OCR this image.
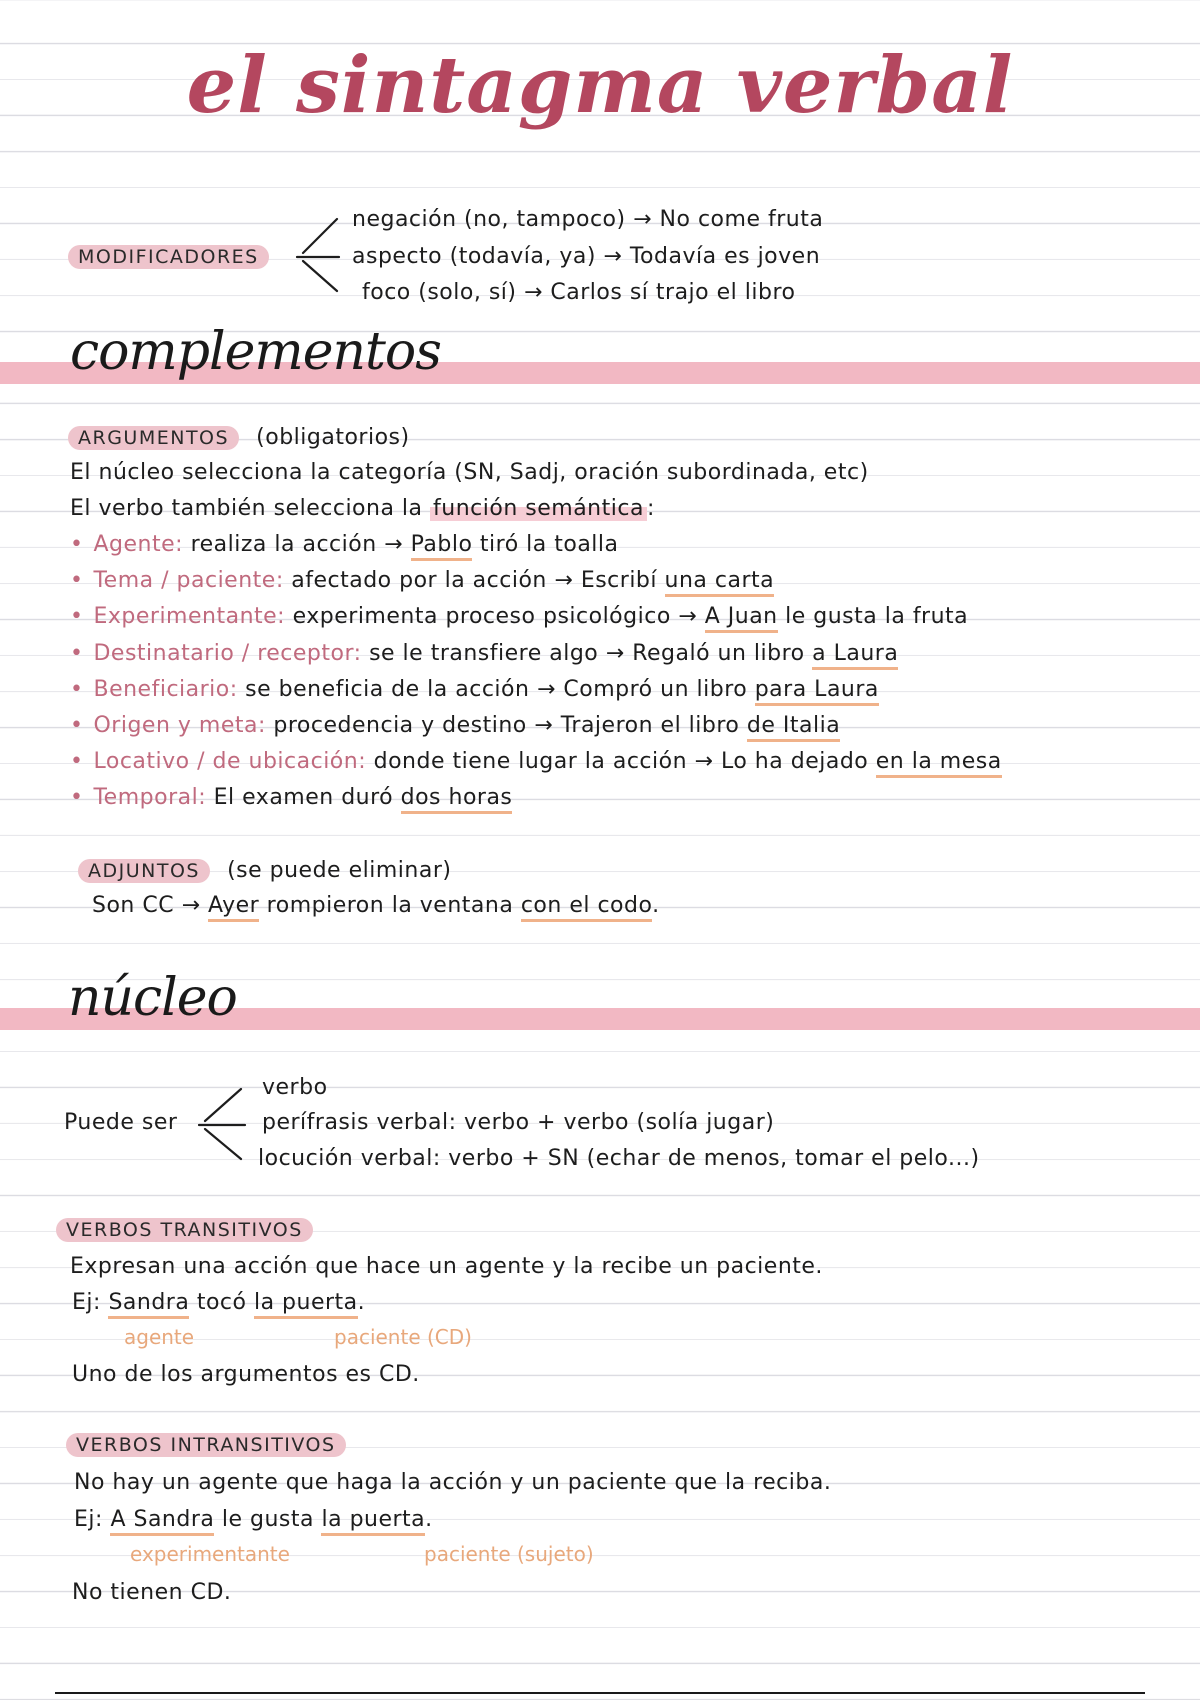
el sintagma verbal
MODIFICADORES
negación (no, tampoco) → No come fruta
aspecto (todavía, ya) → Todavía es joven
foco (solo, sí) → Carlos sí trajo el libro
complementos
ARGUMENTOS (obligatorios)
El núcleo selecciona la categoría (SN, Sadj, oración subordinada, etc)
El verbo también selecciona la función semántica :
• Agente: realiza la acción → Pablo tiró la toalla
• Tema / paciente: afectado por la acción → Escribí una carta
• Experimentante: experimenta proceso psicológico → A Juan le gusta la fruta
• Destinatario / receptor: se le transfiere algo → Regaló un libro a Laura
• Beneficiario: se beneficia de la acción → Compró un libro para Laura
• Origen y meta: procedencia y destino → Trajeron el libro de Italia
• Locativo / de ubicación: donde tiene lugar la acción → Lo ha dejado en la mesa
• Temporal: El examen duró dos horas
ADJUNTOS (se puede eliminar)
Son CC → Ayer rompieron la ventana con el codo.
núcleo
Puede ser
verbo
perífrasis verbal: verbo + verbo (solía jugar)
locución verbal: verbo + SN (echar de menos, tomar el pelo...)
VERBOS TRANSITIVOS
Expresan una acción que hace un agente y la recibe un paciente.
Ej: Sandra tocó la puerta.
agente	paciente (CD)
Uno de los argumentos es CD.
VERBOS INTRANSITIVOS
No hay un agente que haga la acción y un paciente que la reciba.
Ej: A Sandra le gusta la puerta.
experimentante	paciente (sujeto)
No tienen CD.
